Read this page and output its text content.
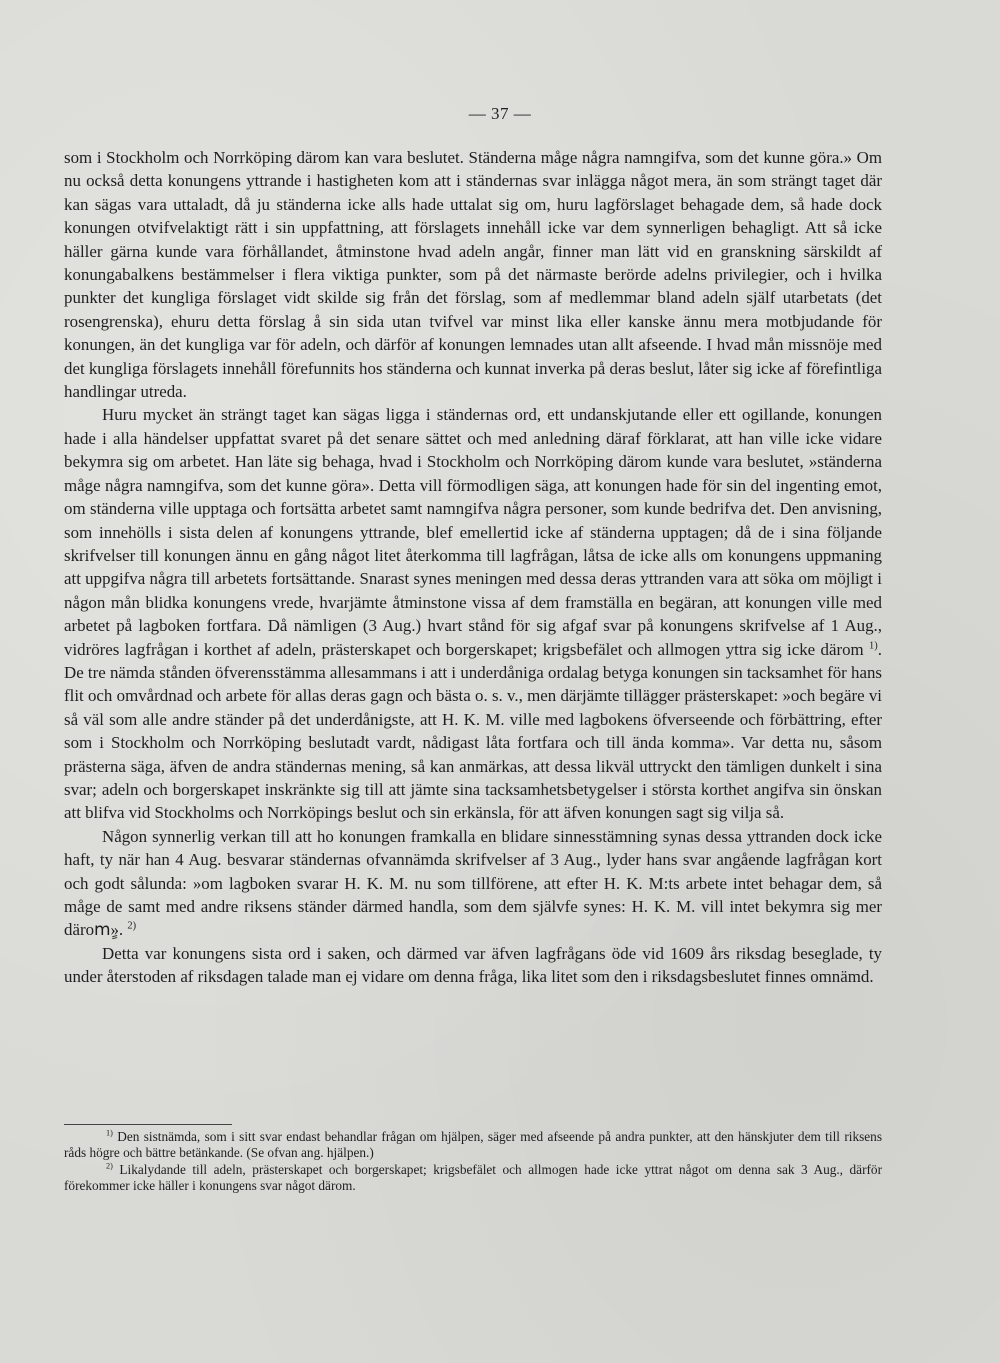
— 37 —

som i Stockholm och Norrköping därom kan vara beslutet. Ständerna måge några namngifva, som det kunne göra.» Om nu också detta konungens yttrande i hastigheten kom att i ständernas svar inlägga något mera, än som strängt taget där kan sägas vara uttaladt, då ju ständerna icke alls hade uttalat sig om, huru lagförslaget behagade dem, så hade dock konungen otvifvelaktigt rätt i sin uppfattning, att förslagets innehåll icke var dem synnerligen behagligt. Att så icke häller gärna kunde vara förhållandet, åtminstone hvad adeln angår, finner man lätt vid en granskning särskildt af konungabalkens bestämmelser i flera viktiga punkter, som på det närmaste berörde adelns privilegier, och i hvilka punkter det kungliga förslaget vidt skilde sig från det förslag, som af medlemmar bland adeln själf utarbetats (det rosengrenska), ehuru detta förslag å sin sida utan tvifvel var minst lika eller kanske ännu mera motbjudande för konungen, än det kungliga var för adeln, och därför af konungen lemnades utan allt afseende. I hvad mån missnöje med det kungliga förslagets innehåll förefunnits hos ständerna och kunnat inverka på deras beslut, låter sig icke af förefintliga handlingar utreda.

Huru mycket än strängt taget kan sägas ligga i ständernas ord, ett undanskjutande eller ett ogillande, konungen hade i alla händelser uppfattat svaret på det senare sättet och med anledning däraf förklarat, att han ville icke vidare bekymra sig om arbetet. Han läte sig behaga, hvad i Stockholm och Norrköping därom kunde vara beslutet, »ständerna måge några namngifva, som det kunne göra». Detta vill förmodligen säga, att konungen hade för sin del ingenting emot, om ständerna ville upptaga och fortsätta arbetet samt namngifva några personer, som kunde bedrifva det. Den anvisning, som innehölls i sista delen af konungens yttrande, blef emellertid icke af ständerna upptagen; då de i sina följande skrifvelser till konungen ännu en gång något litet återkomma till lagfrågan, låtsa de icke alls om konungens uppmaning att uppgifva några till arbetets fortsättande. Snarast synes meningen med dessa deras yttranden vara att söka om möjligt i någon mån blidka konungens vrede, hvarjämte åtminstone vissa af dem framställa en begäran, att konungen ville med arbetet på lagboken fortfara. Då nämligen (3 Aug.) hvart stånd för sig afgaf svar på konungens skrifvelse af 1 Aug., vidröres lagfrågan i korthet af adeln, prästerskapet och borgerskapet; krigsbefälet och allmogen yttra sig icke därom $^{1)}$. De tre nämda stånden öfverensstämma allesammans i att i underdåniga ordalag betyga konungen sin tacksamhet för hans flit och omvårdnad och arbete för allas deras gagn och bästa o. s. v., men därjämte tillägger prästerskapet: »och begäre vi så väl som alle andre ständer på det underdånigste, att H. K. M. ville med lagbokens öfverseende och förbättring, efter som i Stockholm och Norrköping beslutadt vardt, nådigast låta fortfara och till ända komma». Var detta nu, såsom prästerna säga, äfven de andra ständernas mening, så kan anmärkas, att dessa likväl uttryckt den tämligen dunkelt i sina svar; adeln och borgerskapet inskränkte sig till att jämte sina tacksamhetsbetygelser i största korthet angifva sin önskan att blifva vid Stockholms och Norrköpings beslut och sin erkänsla, för att äfven konungen sagt sig vilja så.

Någon synnerlig verkan till att ho konungen framkalla en blidare sinnesstämning synas dessa yttranden dock icke haft, ty när han 4 Aug. besvarar ständernas ofvannämda skrifvelser af 3 Aug., lyder hans svar angående lagfrågan kort och godt sålunda: »om lagboken svarar H. K. M. nu som tillförene, att efter H. K. M:ts arbete intet behagar dem, så måge de samt med andre riksens ständer därmed handla, som dem självfe synes: H. K. M. vill intet bekymra sig mer däromٍ». $^{2)}$

Detta var konungens sista ord i saken, och därmed var äfven lagfrågans öde vid 1609 års riksdag beseglade, ty under återstoden af riksdagen talade man ej vidare om denna fråga, lika litet som den i riksdagsbeslutet finnes omnämd.

$^{1)}$ Den sistnämda, som i sitt svar endast behandlar frågan om hjälpen, säger med afseende på andra punkter, att den hänskjuter dem till riksens råds högre och bättre betänkande. (Se ofvan ang. hjälpen.)

$^{2)}$ Likalydande till adeln, prästerskapet och borgerskapet; krigsbefälet och allmogen hade icke yttrat något om denna sak 3 Aug., därför förekommer icke häller i konungens svar något därom.
